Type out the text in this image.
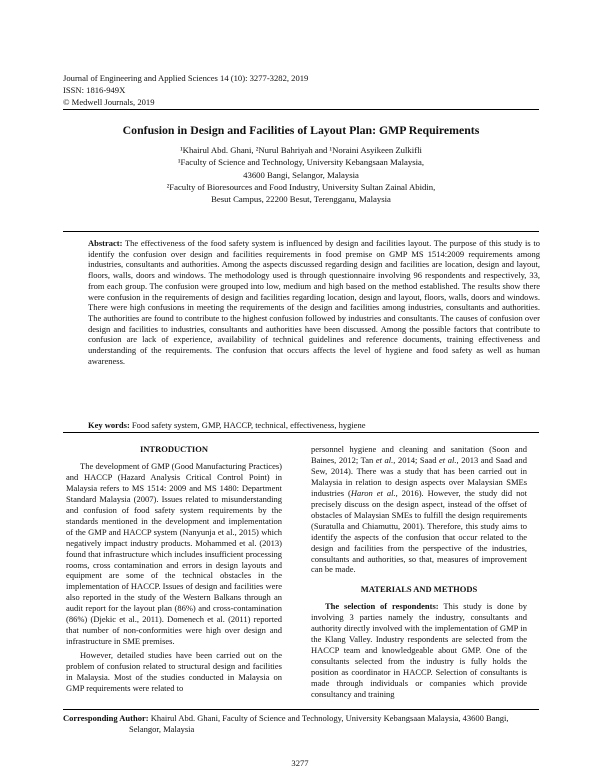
Journal of Engineering and Applied Sciences 14 (10): 3277-3282, 2019
ISSN: 1816-949X
© Medwell Journals, 2019
Confusion in Design and Facilities of Layout Plan: GMP Requirements
¹Khairul Abd. Ghani, ²Nurul Bahriyah and ¹Noraini Asyikeen Zulkifli
¹Faculty of Science and Technology, University Kebangsaan Malaysia,
43600 Bangi, Selangor, Malaysia
²Faculty of Bioresources and Food Industry, University Sultan Zainal Abidin,
Besut Campus, 22200 Besut, Terengganu, Malaysia
Abstract: The effectiveness of the food safety system is influenced by design and facilities layout. The purpose of this study is to identify the confusion over design and facilities requirements in food premise on GMP MS 1514:2009 requirements among industries, consultants and authorities. Among the aspects discussed regarding design and facilities are location, design and layout, floors, walls, doors and windows. The methodology used is through questionnaire involving 96 respondents and respectively, 33, from each group. The confusion were grouped into low, medium and high based on the method established. The results show there were confusion in the requirements of design and facilities regarding location, design and layout, floors, walls, doors and windows. There were high confusions in meeting the requirements of the design and facilities among industries, consultants and authorities. The authorities are found to contribute to the highest confusion followed by industries and consultants. The causes of confusion over design and facilities to industries, consultants and authorities have been discussed. Among the possible factors that contribute to confusion are lack of experience, availability of technical guidelines and reference documents, training effectiveness and understanding of the requirements. The confusion that occurs affects the level of hygiene and food safety as well as human awareness.
Key words: Food safety system, GMP, HACCP, technical, effectiveness, hygiene
INTRODUCTION

The development of GMP (Good Manufacturing Practices) and HACCP (Hazard Analysis Critical Control Point) in Malaysia refers to MS 1514: 2009 and MS 1480: Department Standard Malaysia (2007). Issues related to misunderstanding and confusion of food safety system requirements by the standards mentioned in the development and implementation of the GMP and HACCP system (Nanyunja et al., 2015) which negatively impact industry products. Mohammed et al. (2013) found that infrastructure which includes insufficient processing rooms, cross contamination and errors in design layouts and equipment are some of the technical obstacles in the implementation of HACCP. Issues of design and facilities were also reported in the study of the Western Balkans through an audit report for the layout plan (86%) and cross-contamination (86%) (Djekic et al., 2011). Domenech et al. (2011) reported that number of non-conformities were high over design and infrastructure in SME premises.

However, detailed studies have been carried out on the problem of confusion related to structural design and facilities in Malaysia. Most of the studies conducted in Malaysia on GMP requirements were related to

personnel hygiene and cleaning and sanitation (Soon and Baines, 2012; Tan et al., 2014; Saad et al., 2013 and Saad and Sew, 2014). There was a study that has been carried out in Malaysia in relation to design aspects over Malaysian SMEs industries (Haron et al., 2016). However, the study did not precisely discuss on the design aspect, instead of the offset of obstacles of Malaysian SMEs to fulfill the design requirements (Suratulla and Chiamuttu, 2001). Therefore, this study aims to identify the aspects of the confusion that occur related to the design and facilities from the perspective of the industries, consultants and authorities, so that, measures of improvement can be made.

MATERIALS AND METHODS

The selection of respondents: This study is done by involving 3 parties namely the industry, consultants and authority directly involved with the implementation of GMP in the Klang Valley. Industry respondents are selected from the HACCP team and knowledgeable about GMP. One of the consultants selected from the industry is fully holds the position as coordinator in HACCP. Selection of consultants is made through individuals or companies which provide consultancy and training

Corresponding Author: Khairul Abd. Ghani, Faculty of Science and Technology, University Kebangsaan Malaysia, 43600 Bangi,
Selangor, Malaysia
3277
